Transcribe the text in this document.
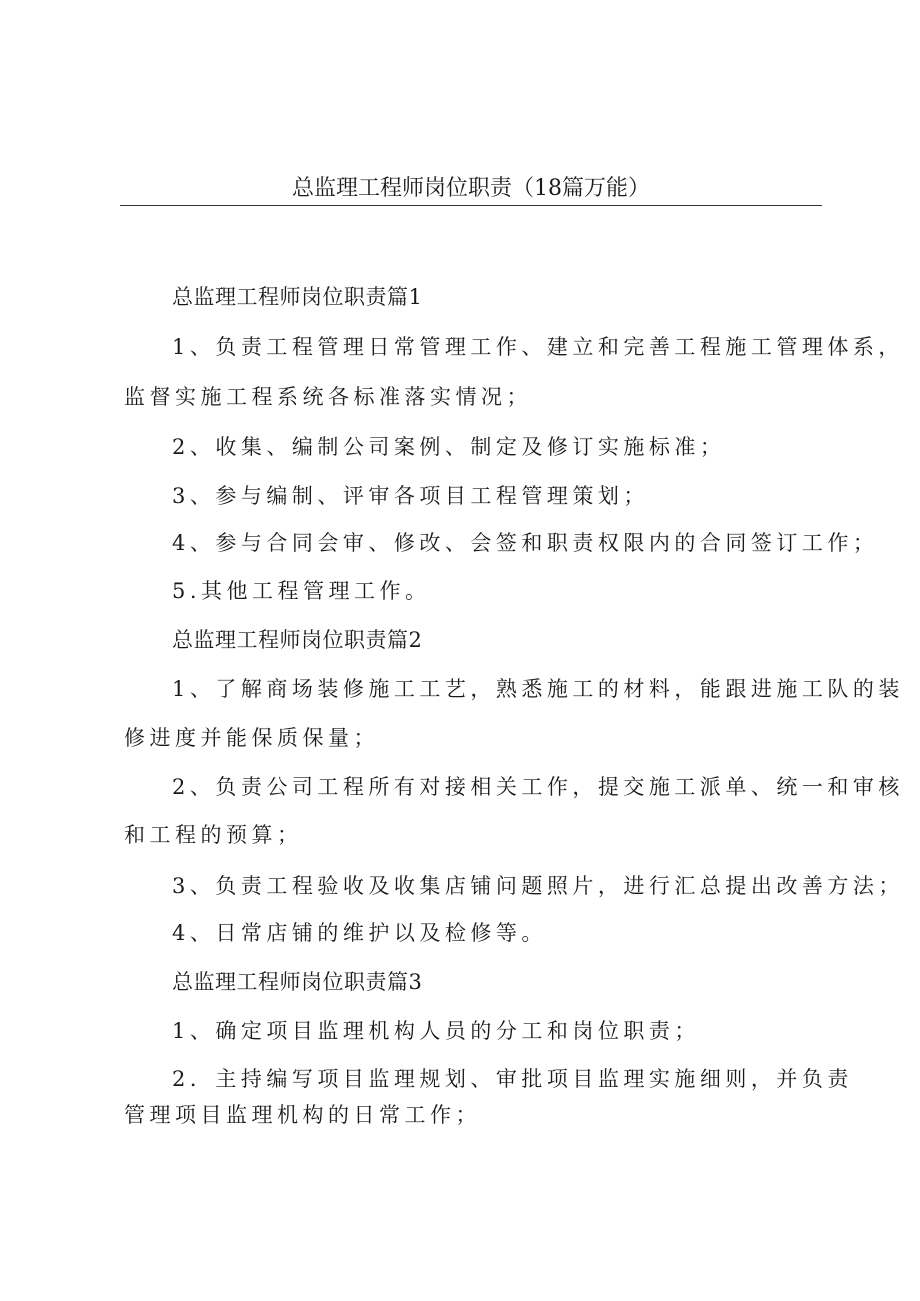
总监理工程师岗位职责（18篇万能）
总监理工程师岗位职责篇1
1、负责工程管理日常管理工作、建立和完善工程施工管理体系，
监督实施工程系统各标准落实情况；
2、收集、编制公司案例、制定及修订实施标准；
3、参与编制、评审各项目工程管理策划；
4、参与合同会审、修改、会签和职责权限内的合同签订工作；
5.其他工程管理工作。
总监理工程师岗位职责篇2
1、了解商场装修施工工艺，熟悉施工的材料，能跟进施工队的装
修进度并能保质保量；
2、负责公司工程所有对接相关工作，提交施工派单、统一和审核
和工程的预算；
3、负责工程验收及收集店铺问题照片，进行汇总提出改善方法；
4、日常店铺的维护以及检修等。
总监理工程师岗位职责篇3
1、确定项目监理机构人员的分工和岗位职责；
2．主持编写项目监理规划、审批项目监理实施细则，并负责
管理项目监理机构的日常工作；
